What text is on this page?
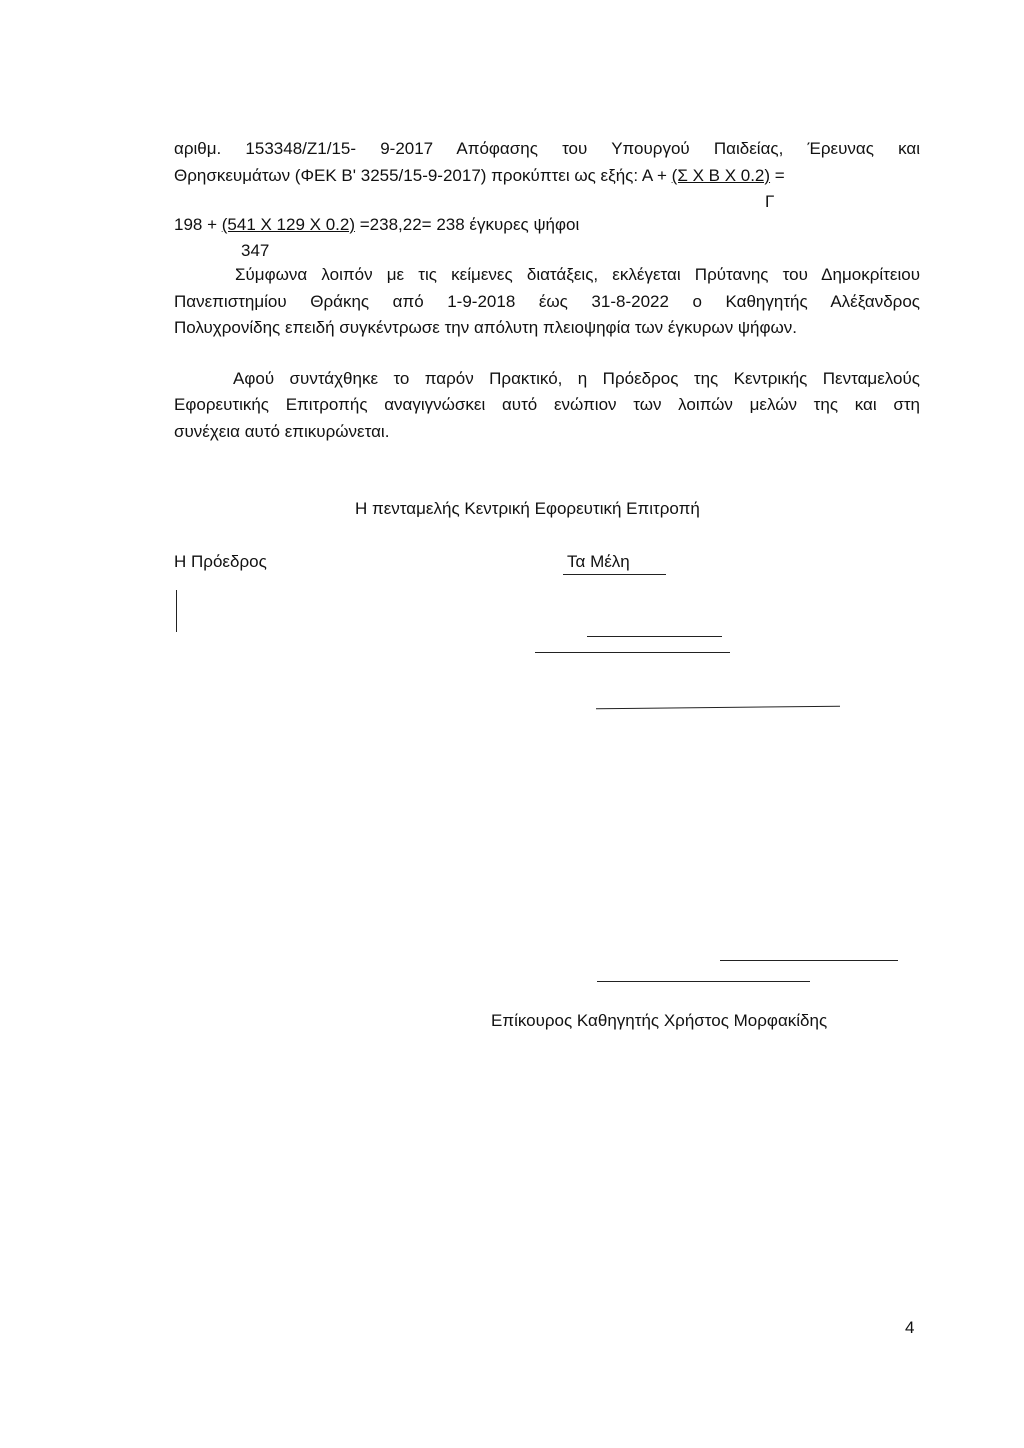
αριθμ. 153348/Ζ1/15- 9-2017 Απόφασης του Υπουργού Παιδείας, Έρευνας και
Θρησκευμάτων (ΦΕΚ Β' 3255/15-9-2017) προκύπτει ως εξής: Α + (Σ Χ Β Χ 0.2) =
Γ
198 + (541 Χ 129 Χ 0.2) =238,22= 238 έγκυρες ψήφοι
347
Σύμφωνα λοιπόν με τις κείμενες διατάξεις, εκλέγεται Πρύτανης του Δημοκρίτειου
Πανεπιστημίου Θράκης από 1-9-2018 έως 31-8-2022 ο Καθηγητής Αλέξανδρος
Πολυχρονίδης επειδή συγκέντρωσε την απόλυτη πλειοψηφία των έγκυρων ψήφων.
Αφού συντάχθηκε το παρόν Πρακτικό, η Πρόεδρος της Κεντρικής Πενταμελούς
Εφορευτικής Επιτροπής αναγιγνώσκει αυτό ενώπιον των λοιπών μελών της και στη
συνέχεια αυτό επικυρώνεται.
Η πενταμελής Κεντρική Εφορευτική Επιτροπή
Η Πρόεδρος	Τα Μέλη
Επίκουρος Καθηγητής Χρήστος Μορφακίδης
4
